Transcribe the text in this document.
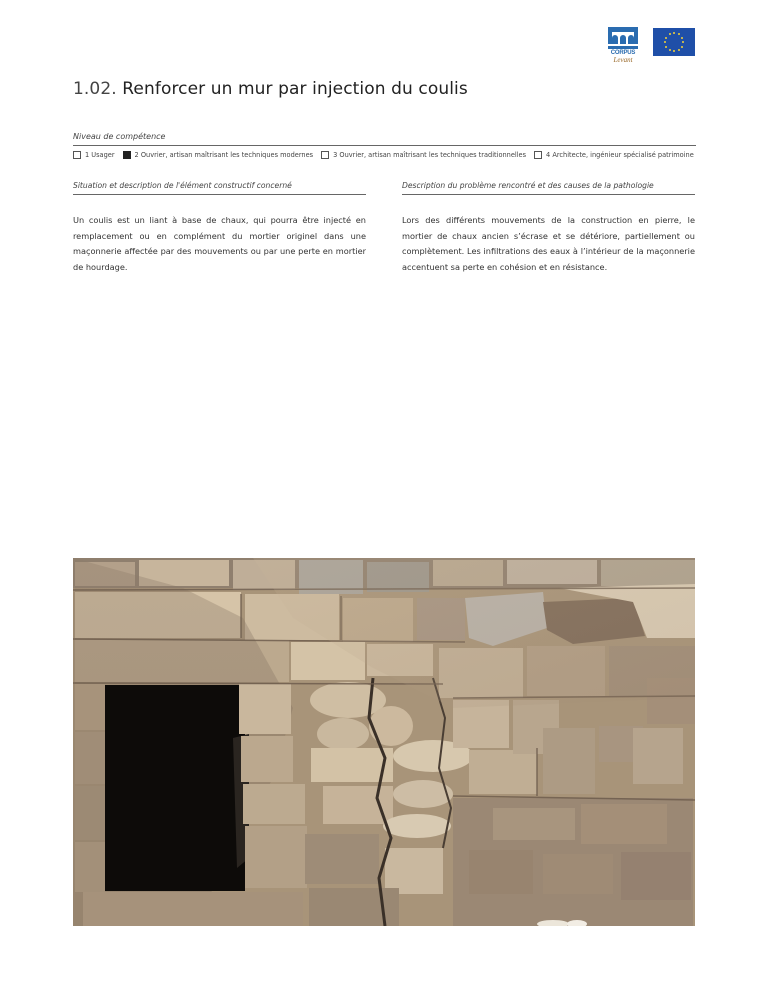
CORPUS
Levant
1.02. Renforcer un mur par injection du coulis
Niveau de compétence
1 Usager	2 Ouvrier, artisan maîtrisant les techniques modernes	3 Ouvrier, artisan maîtrisant les techniques traditionnelles	4 Architecte, ingénieur spécialisé patrimoine
Situation et description de l'élément constructif concerné	Description du problème rencontré et des causes de la pathologie

Un coulis est un liant à base de chaux, qui pourra être injecté en remplacement ou en complément du mortier originel dans une maçonnerie affectée par des mouvements ou par une perte en mortier de hourdage.

Lors des différents mouvements de la construction en pierre, le mortier de chaux ancien s’écrase et se détériore, partiellement ou complètement. Les infiltrations des eaux à l’intérieur de la maçonnerie accentuent sa perte en cohésion et en résistance.
